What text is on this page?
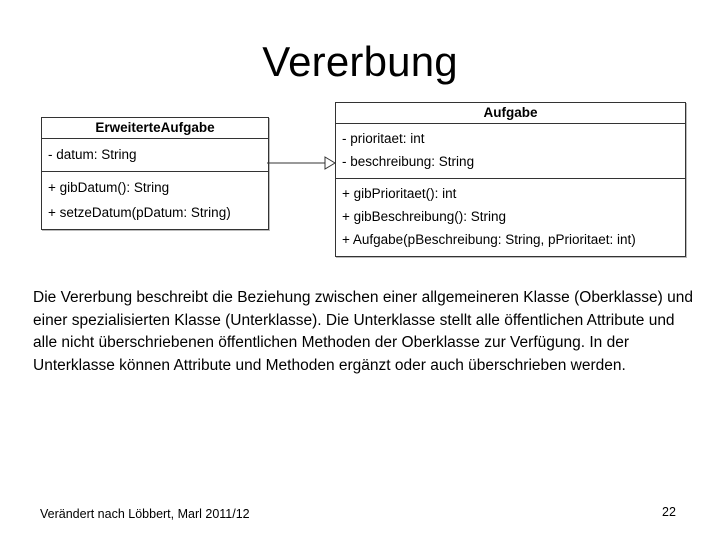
Vererbung
ErweiterteAufgabe
- datum: String
+ gibDatum(): String
+ setzeDatum(pDatum: String)
Aufgabe
- prioritaet: int
- beschreibung: String
+ gibPrioritaet(): int
+ gibBeschreibung(): String
+ Aufgabe(pBeschreibung: String, pPrioritaet: int)
Die Vererbung beschreibt die Beziehung zwischen einer allgemeineren Klasse (Oberklasse) und einer spezialisierten Klasse (Unterklasse). Die Unterklasse stellt alle öffentlichen Attribute und alle nicht überschriebenen öffentlichen Methoden der Oberklasse zur Verfügung. In der Unterklasse können Attribute und Methoden ergänzt oder auch überschrieben werden.
Verändert nach Löbbert, Marl 2011/12	22
